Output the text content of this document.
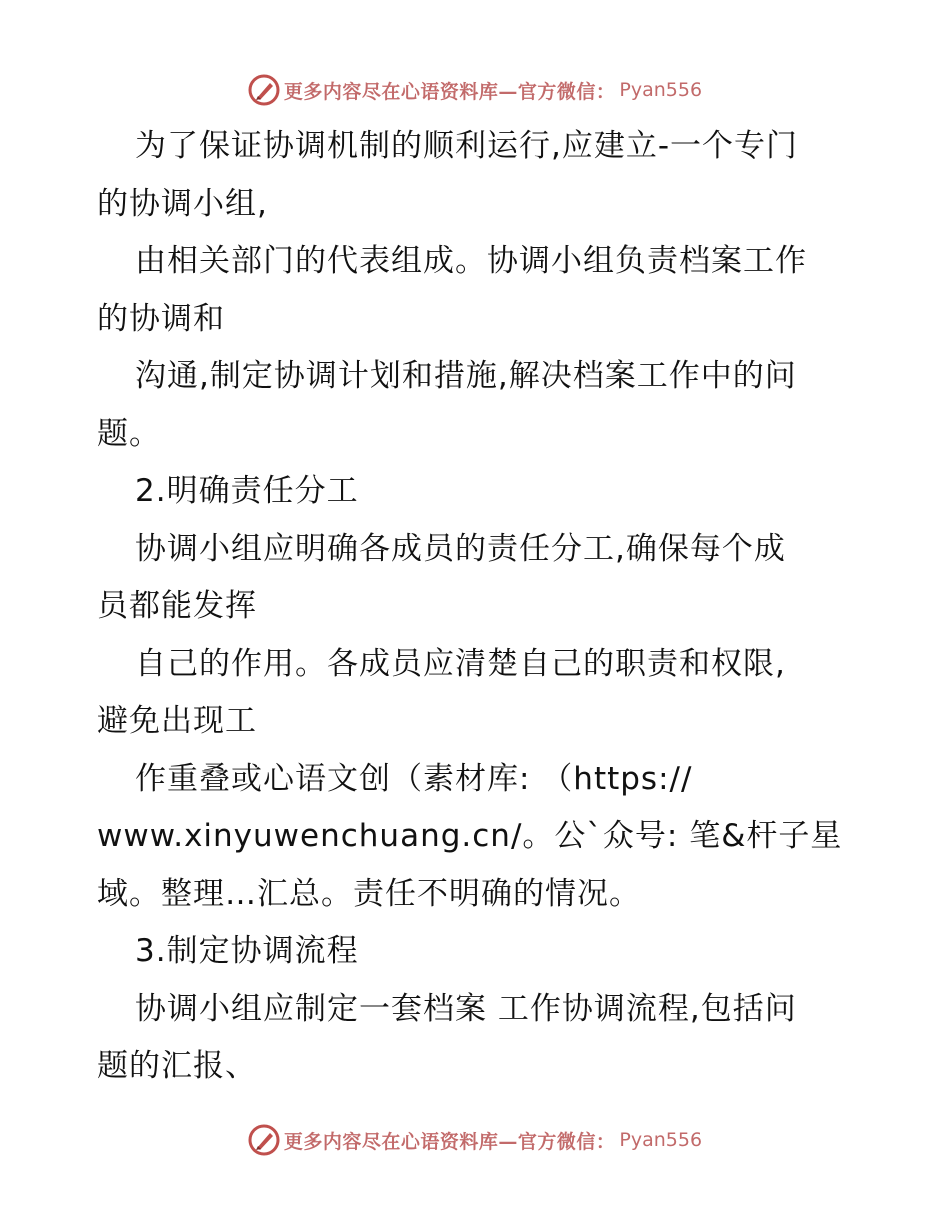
更多内容尽在心语资料库—官方微信： Pyan556
为了保证协调机制的顺利运行,应建立-一个专门
的协调小组,
由相关部门的代表组成。协调小组负责档案工作
的协调和
沟通,制定协调计划和措施,解决档案工作中的问
题。
2.明确责任分工
协调小组应明确各成员的责任分工,确保每个成
员都能发挥
自己的作用。各成员应清楚自己的职责和权限,
避免出现工
作重叠或心语文创（素材库: （https://
www.xinyuwenchuang.cn/。公`众号: 笔&杆子星
域。整理…汇总。责任不明确的情况。
3.制定协调流程
协调小组应制定一套档案 工作协调流程,包括问
题的汇报、
更多内容尽在心语资料库—官方微信： Pyan556
